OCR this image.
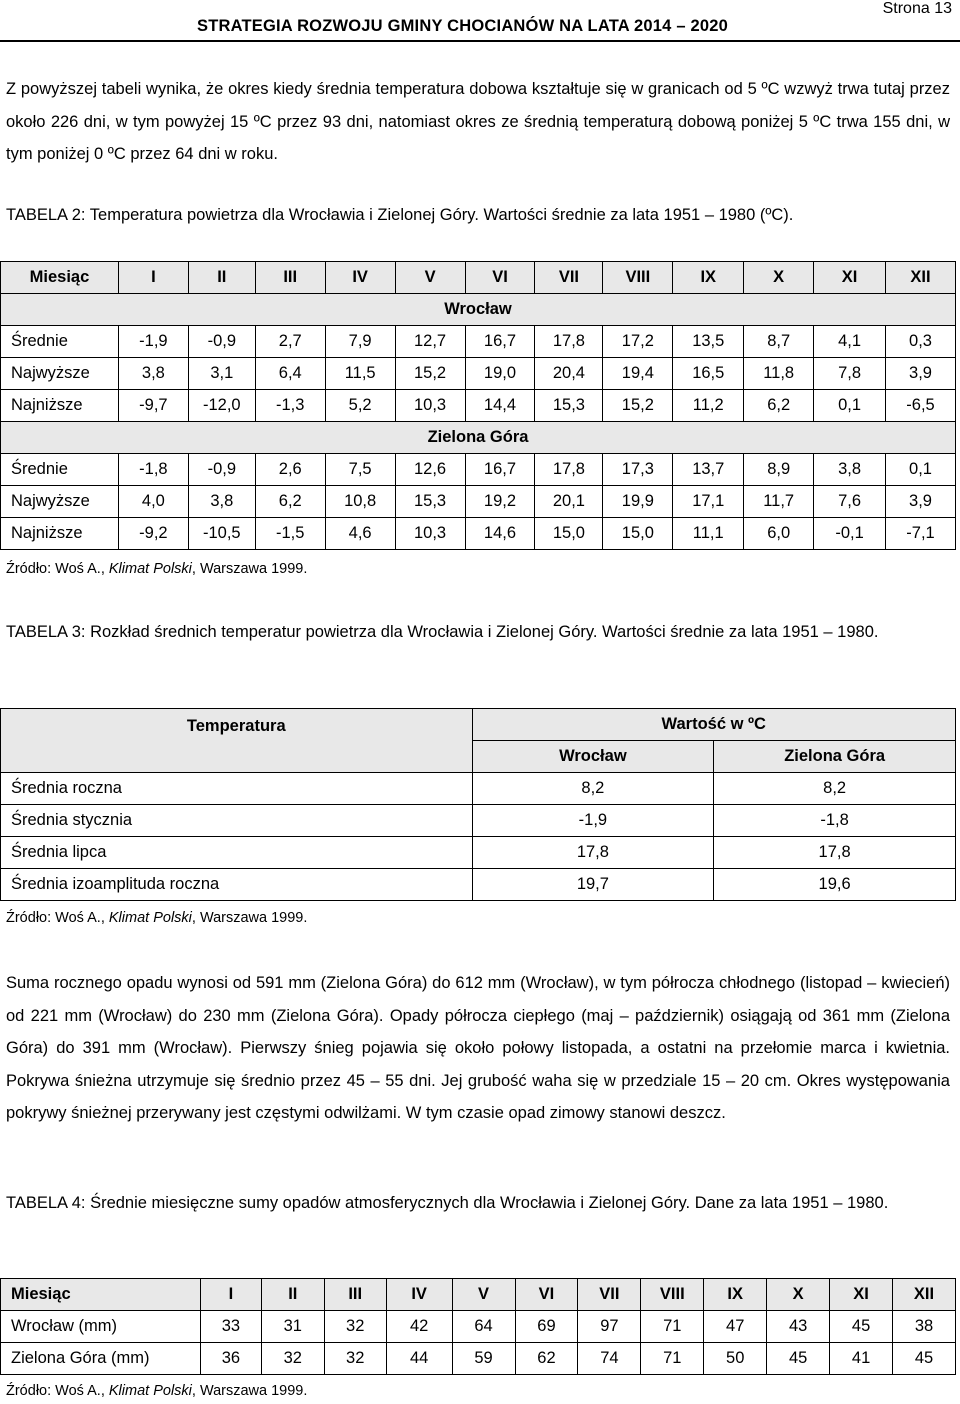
Strona 13
STRATEGIA ROZWOJU GMINY CHOCIANÓW NA LATA 2014 – 2020

Z powyższej tabeli wynika, że okres kiedy średnia temperatura dobowa kształtuje się w granicach od 5 ºC wzwyż trwa tutaj przez około 226 dni, w tym powyżej 15 ºC przez 93 dni, natomiast okres ze średnią temperaturą dobową poniżej 5 ºC trwa 155 dni, w tym poniżej 0 ºC przez 64 dni w roku.

TABELA 2: Temperatura powietrza dla Wrocławia i Zielonej Góry. Wartości średnie za lata 1951 – 1980 (ºC).

Miesiąc	I	II	III	IV	V	VI	VII	VIII	IX	X	XI	XII
Wrocław												
Średnie	-1,9	-0,9	2,7	7,9	12,7	16,7	17,8	17,2	13,5	8,7	4,1	0,3
Najwyższe	3,8	3,1	6,4	11,5	15,2	19,0	20,4	19,4	16,5	11,8	7,8	3,9
Najniższe	-9,7	-12,0	-1,3	5,2	10,3	14,4	15,3	15,2	11,2	6,2	0,1	-6,5
Zielona Góra												
Średnie	-1,8	-0,9	2,6	7,5	12,6	16,7	17,8	17,3	13,7	8,9	3,8	0,1
Najwyższe	4,0	3,8	6,2	10,8	15,3	19,2	20,1	19,9	17,1	11,7	7,6	3,9
Najniższe	-9,2	-10,5	-1,5	4,6	10,3	14,6	15,0	15,0	11,1	6,0	-0,1	-7,1

Źródło: Woś A., Klimat Polski, Warszawa 1999.

TABELA 3: Rozkład średnich temperatur powietrza dla Wrocławia i Zielonej Góry. Wartości średnie za lata 1951 – 1980.

Temperatura	Wartość w ºC	
	Wrocław	Zielona Góra
Średnia roczna	8,2	8,2
Średnia stycznia	-1,9	-1,8
Średnia lipca	17,8	17,8
Średnia izoamplituda roczna	19,7	19,6

Źródło: Woś A., Klimat Polski, Warszawa 1999.

Suma rocznego opadu wynosi od 591 mm (Zielona Góra) do 612 mm (Wrocław), w tym półrocza chłodnego (listopad – kwiecień) od 221 mm (Wrocław) do 230 mm (Zielona Góra). Opady półrocza ciepłego (maj – październik) osiągają od 361 mm (Zielona Góra) do 391 mm (Wrocław). Pierwszy śnieg pojawia się około połowy listopada, a ostatni na przełomie marca i kwietnia. Pokrywa śnieżna utrzymuje się średnio przez 45 – 55 dni. Jej grubość waha się w przedziale 15 – 20 cm. Okres występowania pokrywy śnieżnej przerywany jest częstymi odwilżami. W tym czasie opad zimowy stanowi deszcz.

TABELA 4: Średnie miesięczne sumy opadów atmosferycznych dla Wrocławia i Zielonej Góry. Dane za lata 1951 – 1980.

Miesiąc	I	II	III	IV	V	VI	VII	VIII	IX	X	XI	XII
Wrocław (mm)	33	31	32	42	64	69	97	71	47	43	45	38
Zielona Góra (mm)	36	32	32	44	59	62	74	71	50	45	41	45

Źródło: Woś A., Klimat Polski, Warszawa 1999.
